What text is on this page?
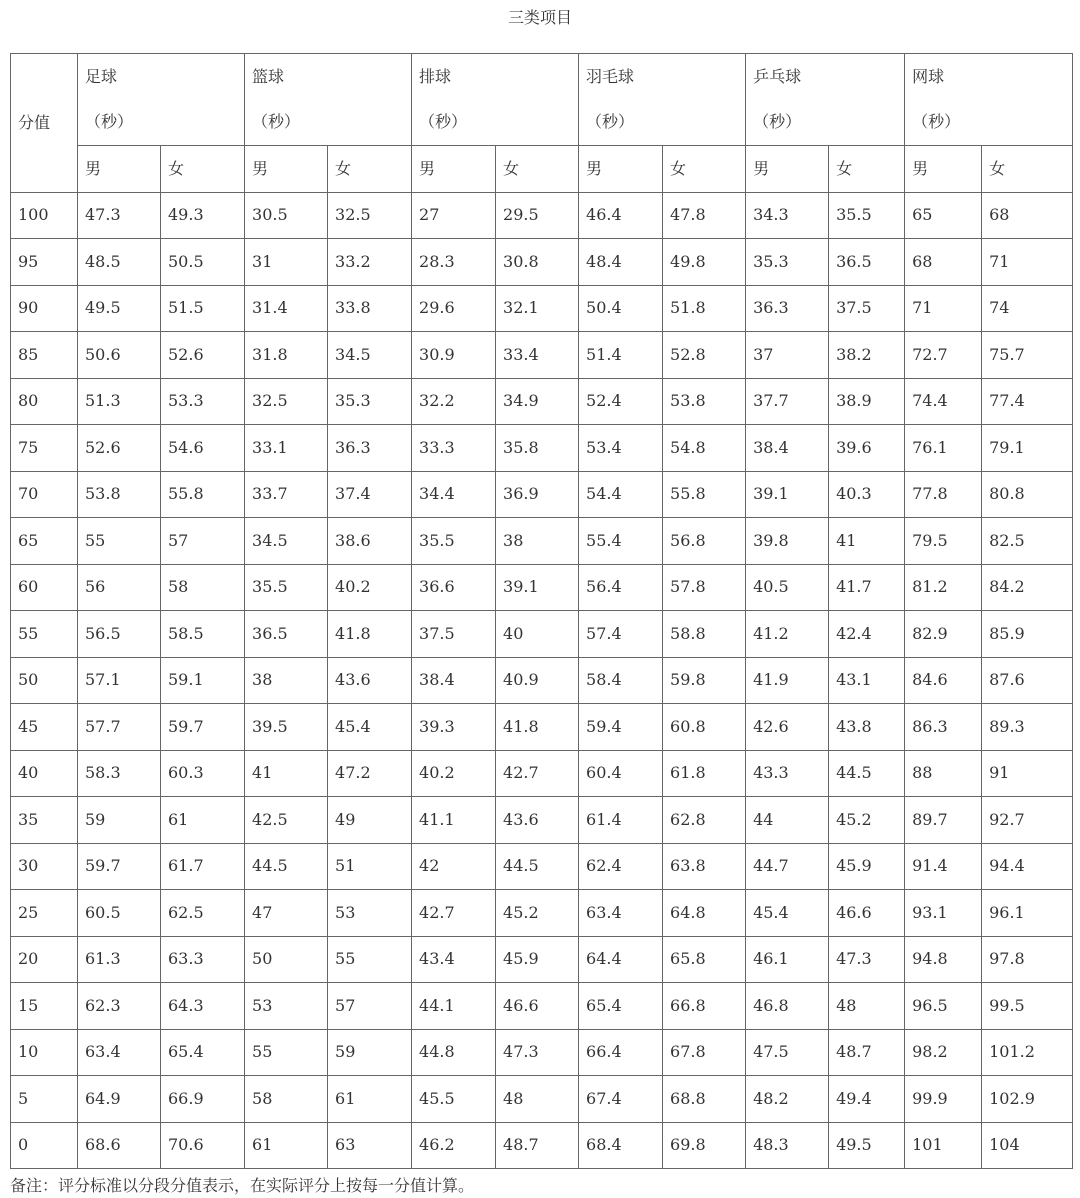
三类项目
分值	足球		篮球		排球		羽毛球		乒乓球		网球	
	（秒）		（秒）		（秒）		（秒）		（秒）		（秒）	
	男	女	男	女	男	女	男	女	男	女	男	女
100	47.3	49.3	30.5	32.5	27	29.5	46.4	47.8	34.3	35.5	65	68
95	48.5	50.5	31	33.2	28.3	30.8	48.4	49.8	35.3	36.5	68	71
90	49.5	51.5	31.4	33.8	29.6	32.1	50.4	51.8	36.3	37.5	71	74
85	50.6	52.6	31.8	34.5	30.9	33.4	51.4	52.8	37	38.2	72.7	75.7
80	51.3	53.3	32.5	35.3	32.2	34.9	52.4	53.8	37.7	38.9	74.4	77.4
75	52.6	54.6	33.1	36.3	33.3	35.8	53.4	54.8	38.4	39.6	76.1	79.1
70	53.8	55.8	33.7	37.4	34.4	36.9	54.4	55.8	39.1	40.3	77.8	80.8
65	55	57	34.5	38.6	35.5	38	55.4	56.8	39.8	41	79.5	82.5
60	56	58	35.5	40.2	36.6	39.1	56.4	57.8	40.5	41.7	81.2	84.2
55	56.5	58.5	36.5	41.8	37.5	40	57.4	58.8	41.2	42.4	82.9	85.9
50	57.1	59.1	38	43.6	38.4	40.9	58.4	59.8	41.9	43.1	84.6	87.6
45	57.7	59.7	39.5	45.4	39.3	41.8	59.4	60.8	42.6	43.8	86.3	89.3
40	58.3	60.3	41	47.2	40.2	42.7	60.4	61.8	43.3	44.5	88	91
35	59	61	42.5	49	41.1	43.6	61.4	62.8	44	45.2	89.7	92.7
30	59.7	61.7	44.5	51	42	44.5	62.4	63.8	44.7	45.9	91.4	94.4
25	60.5	62.5	47	53	42.7	45.2	63.4	64.8	45.4	46.6	93.1	96.1
20	61.3	63.3	50	55	43.4	45.9	64.4	65.8	46.1	47.3	94.8	97.8
15	62.3	64.3	53	57	44.1	46.6	65.4	66.8	46.8	48	96.5	99.5
10	63.4	65.4	55	59	44.8	47.3	66.4	67.8	47.5	48.7	98.2	101.2
5	64.9	66.9	58	61	45.5	48	67.4	68.8	48.2	49.4	99.9	102.9
0	68.6	70.6	61	63	46.2	48.7	68.4	69.8	48.3	49.5	101	104
备注：评分标准以分段分值表示，在实际评分上按每一分值计算。
